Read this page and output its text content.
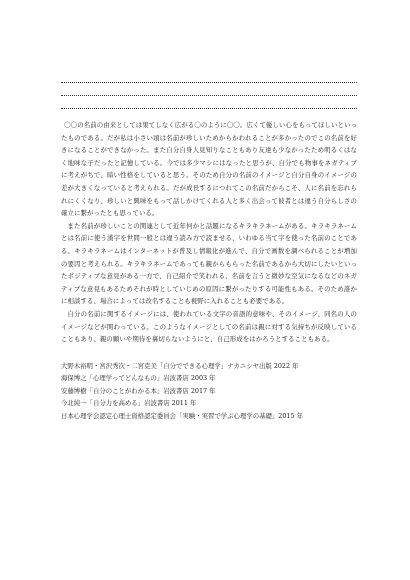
〇〇の名前の由来としては果てしなく広がる〇のように〇〇。広くて優しい心をもってほしいといったものである。だが私は小さい頃は名前が珍しいためからかわれることが多かったのでこの名前を好きになることができなかった。また自分自身人見知りなこともあり友達も少なかったため明るくはなく地味な子だったと記憶している。今では多少マシにはなったと思うが、自分でも物事をネガティブに考えがちで、暗い性格をしていると思う。そのため自分の名前のイメージと自分自身のイメージの差が大きくなっていると考えられる。だが成長するにつれてこの名前だからこそ、人に名前を忘れられにくくなり、珍しいと興味をもって話しかけてくれる人と多く出会って彼者とは違う自分らしさの確立に繋がったとも思っている。

また名前が珍しいことの関連として近年何かと話題になるキラキラネームがある。キラキラネームとは名前に使う漢字を世間一般とは違う読み方で読ませる、いわゆる当て字を使った名前のことである。キラキラネームはインターネットが普及し情報化が進んで、自分で画数を調べられることが増加の要因と考えられる。キラキラネームであっても親からもらった名前であるから大切にしたいといったポジティブな意見がある一方で、自己紹介で笑われる、名前を言うと微妙な空気になるなどのネガティブな意見もあるためそれが時としていじめの原因に繋がったりする可能性もある。そのため誰かに相談する、場合によっては改名することも視野に入れることも必要である。

自分の名前に関するイメージには、使われている文字の音語的意味や、そのイメージ、同名の人のイメージなどが関わっている。このようなイメージとしての名前は親に対する気持ちが反映していることもあり、親の願いや期待を裏切らないようにと、自己形成をはかろうとすることもある。

大野木裕明・宮沢秀次・二宮克美「自分でできる心理学」ナカニシヤ出版 2022 年

海保博之「心理学ってどんなもの」岩波書店 2003 年

安藤博樹「自分のことがわかる本」岩波書店 2017 年

今北純一「自分力を高める」岩波書店 2011 年

日本心理学会認定心理士資格認定委員会「実験・実習で学ぶ心理学の基礎」2015 年
